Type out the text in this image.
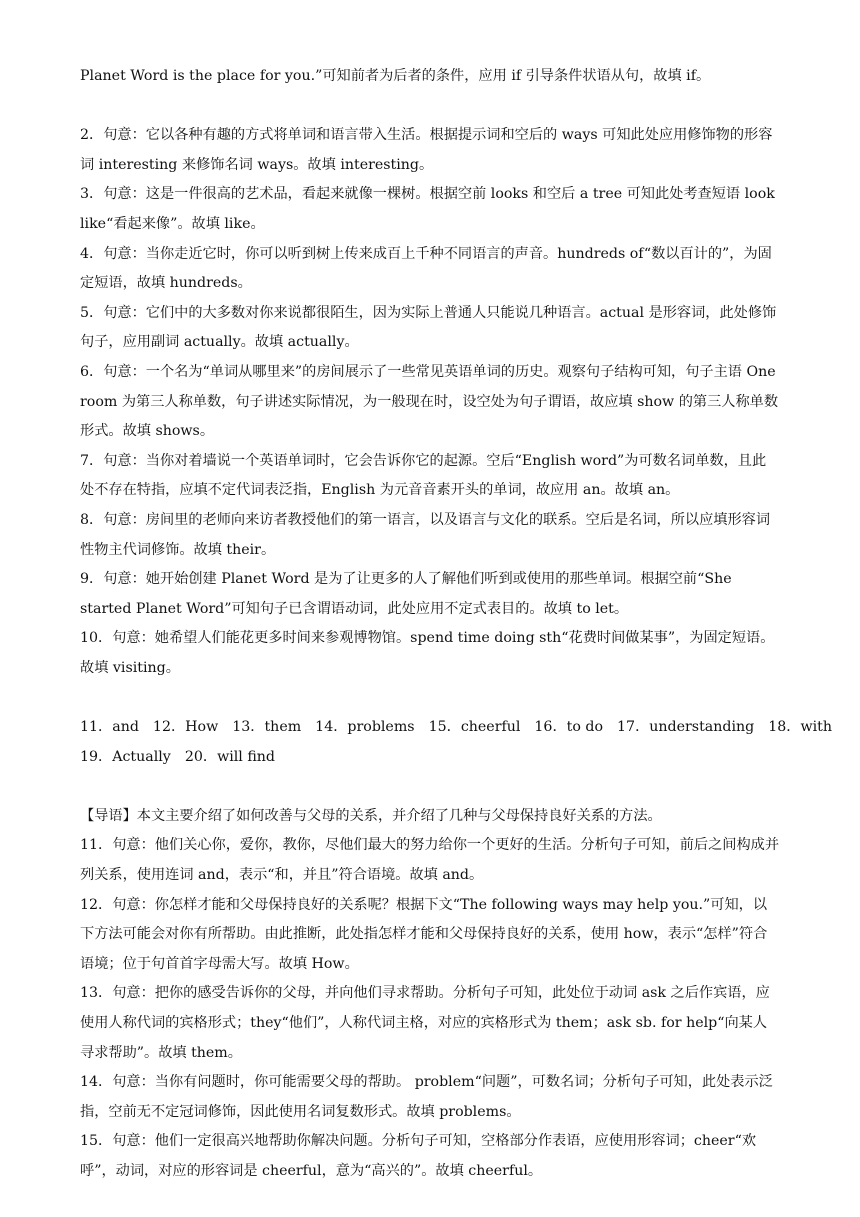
Planet Word is the place for you.”可知前者为后者的条件，应用 if 引导条件状语从句，故填 if。

2．句意：它以各种有趣的方式将单词和语言带入生活。根据提示词和空后的 ways 可知此处应用修饰物的形容词 interesting 来修饰名词 ways。故填 interesting。

3．句意：这是一件很高的艺术品，看起来就像一棵树。根据空前 looks 和空后 a tree 可知此处考查短语 look like“看起来像”。故填 like。

4．句意：当你走近它时，你可以听到树上传来成百上千种不同语言的声音。hundreds of“数以百计的”，为固定短语，故填 hundreds。

5．句意：它们中的大多数对你来说都很陌生，因为实际上普通人只能说几种语言。actual 是形容词，此处修饰句子，应用副词 actually。故填 actually。

6．句意：一个名为“单词从哪里来”的房间展示了一些常见英语单词的历史。观察句子结构可知，句子主语 One room 为第三人称单数，句子讲述实际情况，为一般现在时，设空处为句子谓语，故应填 show 的第三人称单数形式。故填 shows。

7．句意：当你对着墙说一个英语单词时，它会告诉你它的起源。空后“English word”为可数名词单数，且此处不存在特指，应填不定代词表泛指，English 为元音音素开头的单词，故应用 an。故填 an。

8．句意：房间里的老师向来访者教授他们的第一语言，以及语言与文化的联系。空后是名词，所以应填形容词性物主代词修饰。故填 their。

9．句意：她开始创建 Planet Word 是为了让更多的人了解他们听到或使用的那些单词。根据空前“She started Planet Word”可知句子已含谓语动词，此处应用不定式表目的。故填 to let。

10．句意：她希望人们能花更多时间来参观博物馆。spend time doing sth“花费时间做某事”，为固定短语。故填 visiting。

11．and 12．How 13．them 14．problems 15．cheerful 16．to do 17．understanding 18．with
19．Actually 20．will find

【导语】本文主要介绍了如何改善与父母的关系，并介绍了几种与父母保持良好关系的方法。

11．句意：他们关心你，爱你，教你，尽他们最大的努力给你一个更好的生活。分析句子可知，前后之间构成并列关系，使用连词 and，表示“和，并且”符合语境。故填 and。

12．句意：你怎样才能和父母保持良好的关系呢？根据下文“The following ways may help you.”可知，以下方法可能会对你有所帮助。由此推断，此处指怎样才能和父母保持良好的关系，使用 how，表示“怎样”符合语境；位于句首首字母需大写。故填 How。

13．句意：把你的感受告诉你的父母，并向他们寻求帮助。分析句子可知，此处位于动词 ask 之后作宾语，应使用人称代词的宾格形式；they“他们”，人称代词主格，对应的宾格形式为 them；ask sb. for help“向某人寻求帮助”。故填 them。

14．句意：当你有问题时，你可能需要父母的帮助。 problem“问题”，可数名词；分析句子可知，此处表示泛指，空前无不定冠词修饰，因此使用名词复数形式。故填 problems。

15．句意：他们一定很高兴地帮助你解决问题。分析句子可知，空格部分作表语，应使用形容词；cheer“欢呼”，动词，对应的形容词是 cheerful，意为“高兴的”。故填 cheerful。
